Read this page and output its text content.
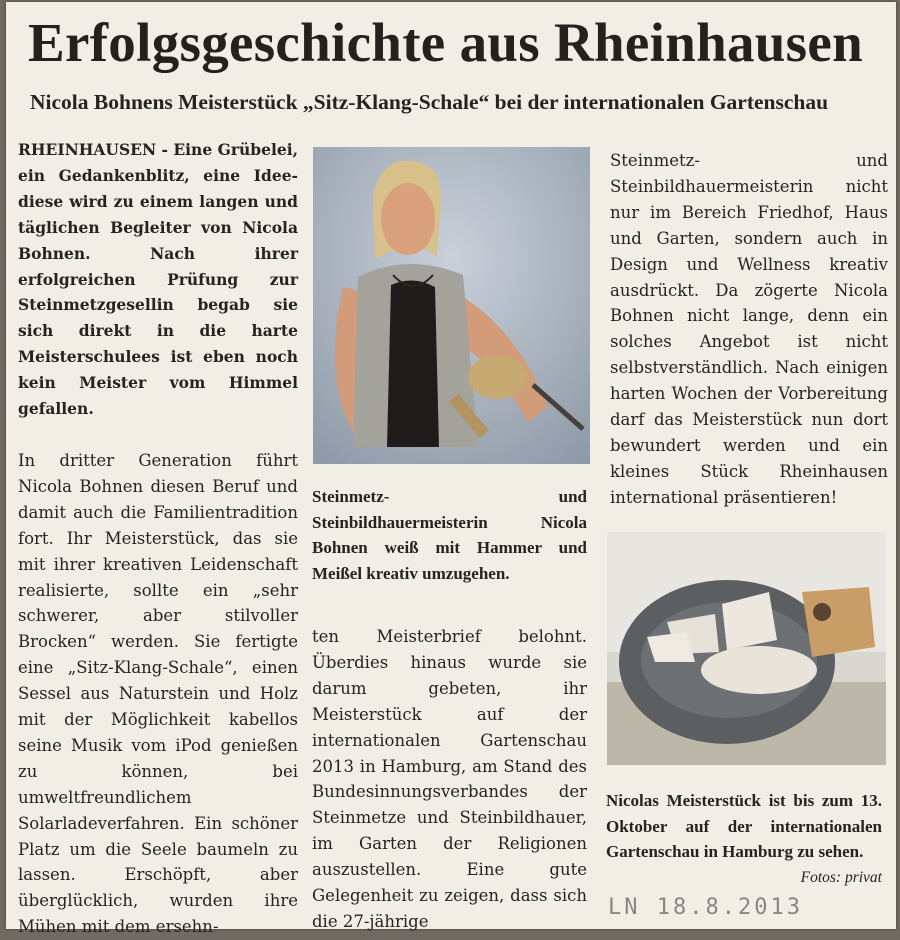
Erfolgsgeschichte aus Rheinhausen
Nicola Bohnens Meisterstück „Sitz-Klang-Schale“ bei der internationalen Gartenschau

RHEINHAUSEN - Eine Grübelei, ein Gedankenblitz, eine Idee- diese wird zu einem langen und täglichen Begleiter von Nicola Bohnen. Nach ihrer erfolgreichen Prüfung zur Steinmetzgesellin begab sie sich direkt in die harte Meisterschulees ist eben noch kein Meister vom Himmel gefallen.

In dritter Generation führt Nicola Bohnen diesen Beruf und damit auch die Familientradition fort. Ihr Meisterstück, das sie mit ihrer kreativen Leidenschaft realisierte, sollte ein „sehr schwerer, aber stilvoller Brocken“ werden. Sie fertigte eine „Sitz-Klang-Schale“, einen Sessel aus Naturstein und Holz mit der Möglichkeit kabellos seine Musik vom iPod genießen zu können, bei umweltfreundlichem Solarladeverfahren. Ein schöner Platz um die Seele baumeln zu lassen. Erschöpft, aber überglücklich, wurden ihre Mühen mit dem ersehn-

Steinmetz- und Steinbildhauermeisterin Nicola Bohnen weiß mit Hammer und Meißel kreativ umzugehen.

ten Meisterbrief belohnt. Überdies hinaus wurde sie darum gebeten, ihr Meisterstück auf der internationalen Gartenschau 2013 in Hamburg, am Stand des Bundesinnungsverbandes der Steinmetze und Steinbildhauer, im Garten der Religionen auszustellen. Eine gute Gelegenheit zu zeigen, dass sich die 27-jährige

Steinmetz- und Steinbildhauermeisterin nicht nur im Bereich Friedhof, Haus und Garten, sondern auch in Design und Wellness kreativ ausdrückt. Da zögerte Nicola Bohnen nicht lange, denn ein solches Angebot ist nicht selbstverständlich. Nach einigen harten Wochen der Vorbereitung darf das Meisterstück nun dort bewundert werden und ein kleines Stück Rheinhausen international präsentieren!

Nicolas Meisterstück ist bis zum 13. Oktober auf der internationalen Gartenschau in Hamburg zu sehen.
Fotos: privat

LN 18.8.2013
